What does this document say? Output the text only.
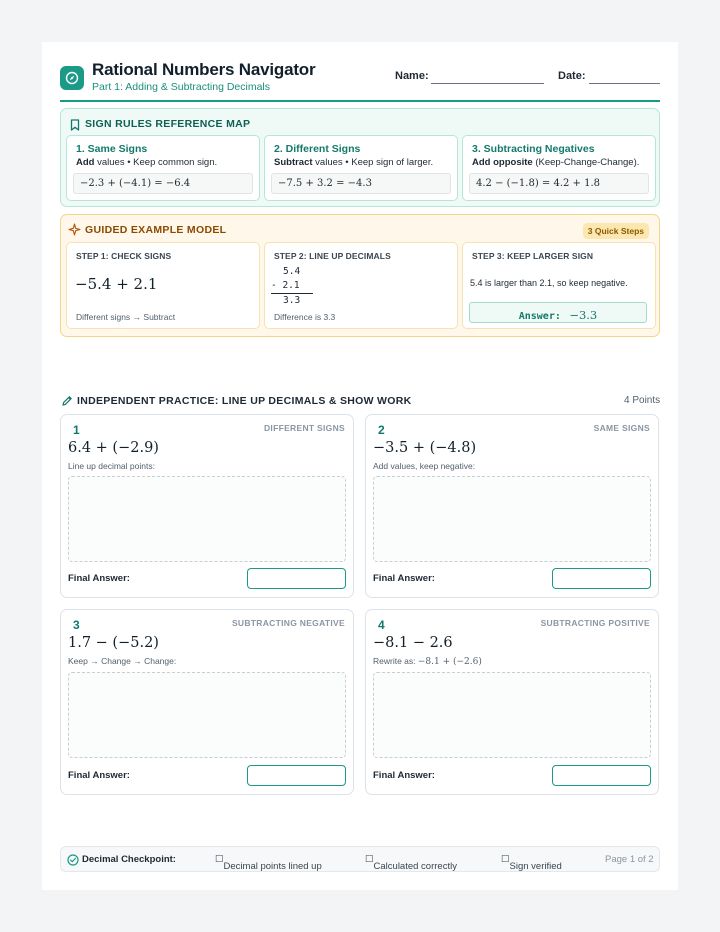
Rational Numbers Navigator
Part 1: Adding & Subtracting Decimals
Name:	Date:
SIGN RULES REFERENCE MAP
1. Same Signs
Add values • Keep common sign.
−2.3 + (−4.1) = −6.4
2. Different Signs
Subtract values • Keep sign of larger.
−7.5 + 3.2 = −4.3
3. Subtracting Negatives
Add opposite (Keep-Change-Change).
4.2 − (−1.8) = 4.2 + 1.8
GUIDED EXAMPLE MODEL	3 Quick Steps
STEP 1: CHECK SIGNS
−5.4 + 2.1
Different signs → Subtract
STEP 2: LINE UP DECIMALS
5.4
- 2.1
3.3
Difference is 3.3
STEP 3: KEEP LARGER SIGN
5.4 is larger than 2.1, so keep negative.
Answer: −3.3
INDEPENDENT PRACTICE: LINE UP DECIMALS & SHOW WORK	4 Points
1	DIFFERENT SIGNS
6.4 + (−2.9)
Line up decimal points:
Final Answer:
2	SAME SIGNS
−3.5 + (−4.8)
Add values, keep negative:
Final Answer:
3	SUBTRACTING NEGATIVE
1.7 − (−5.2)
Keep → Change → Change:
Final Answer:
4	SUBTRACTING POSITIVE
−8.1 − 2.6
Rewrite as: −8.1 + (−2.6)
Final Answer:
Decimal Checkpoint:	☐
Decimal points lined up
☐
Calculated correctly
☐
Sign verified
Page 1 of 2
